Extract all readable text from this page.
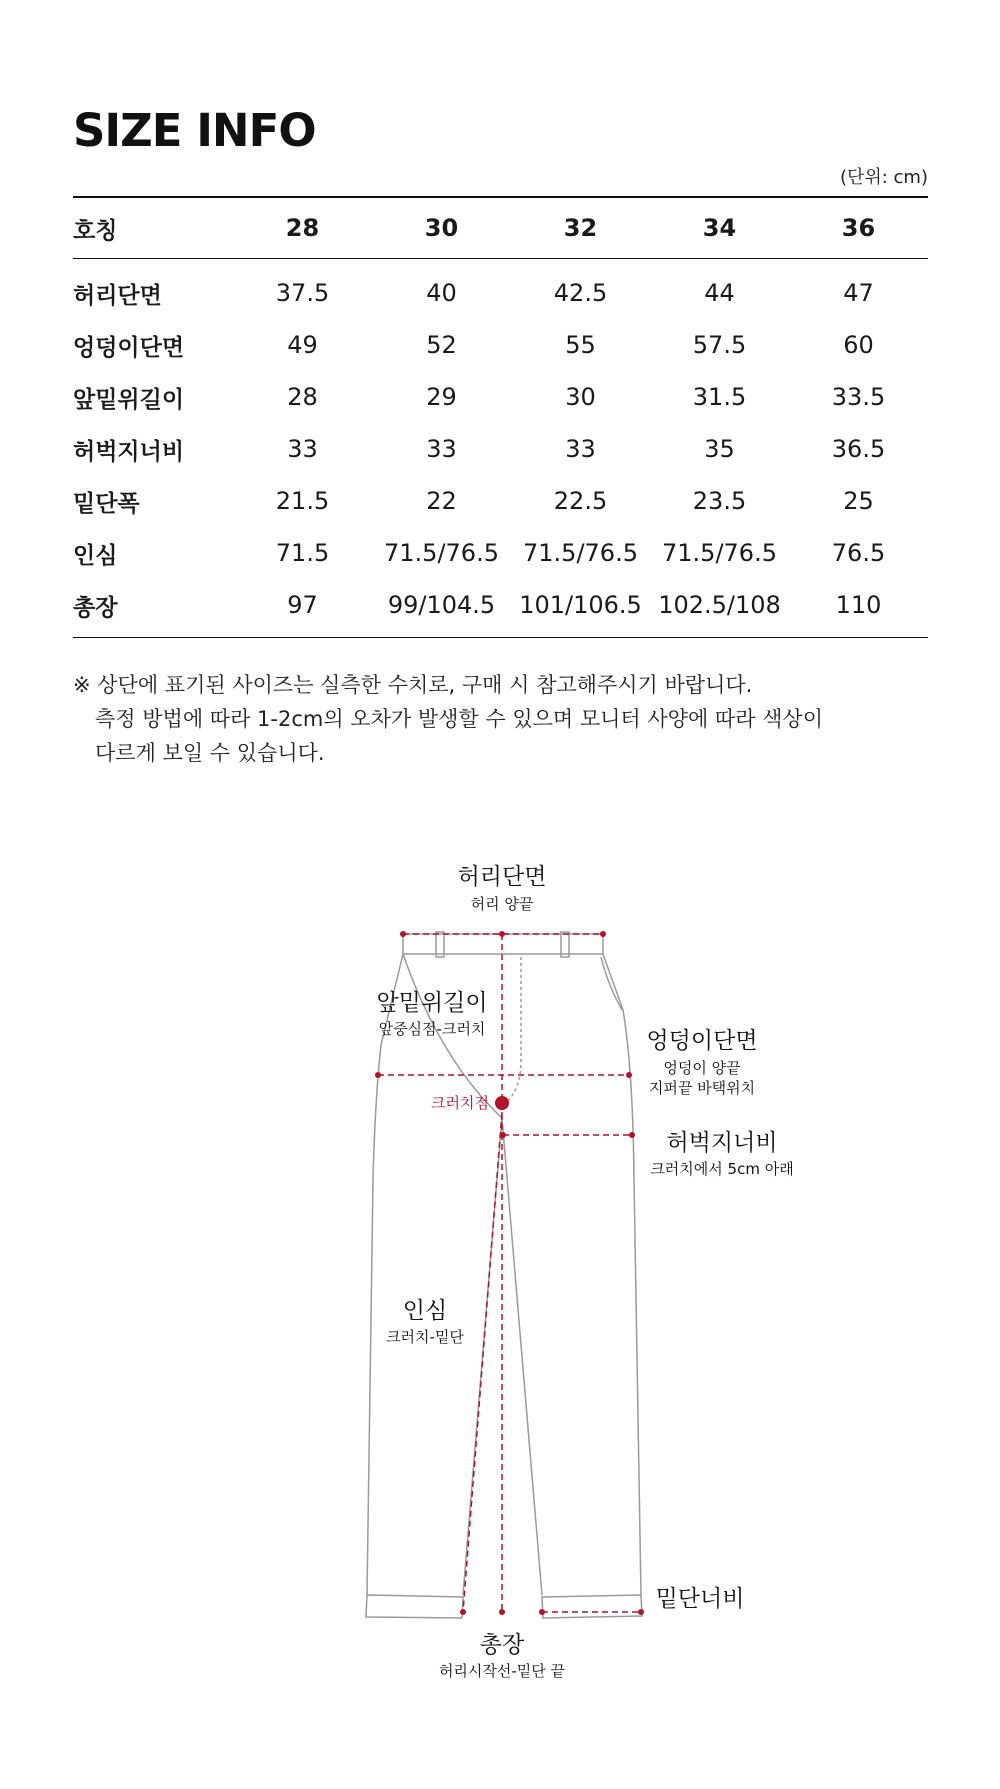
SIZE INFO
(단위: cm)
호칭	28	30	32	34	36
허리단면	37.5	40	42.5	44	47
엉덩이단면	49	52	55	57.5	60
앞밑위길이	28	29	30	31.5	33.5
허벅지너비	33	33	33	35	36.5
밑단폭	21.5	22	22.5	23.5	25
인심	71.5	71.5/76.5	71.5/76.5	71.5/76.5	76.5
총장	97	99/104.5	101/106.5	102.5/108	110
※ 상단에 표기된 사이즈는 실측한 수치로, 구매 시 참고해주시기 바랍니다.
측정 방법에 따라 1-2cm의 오차가 발생할 수 있으며 모니터 사양에 따라 색상이
다르게 보일 수 있습니다.
허리단면
허리 양끝
앞밑위길이
앞중심점-크러치	엉덩이단면
엉덩이 양끝
지퍼끝 바택위치
크러치점
허벅지너비
크러치에서 5cm 아래
인심
크러치-밑단
밑단너비
총장
허리시작선-밑단 끝
